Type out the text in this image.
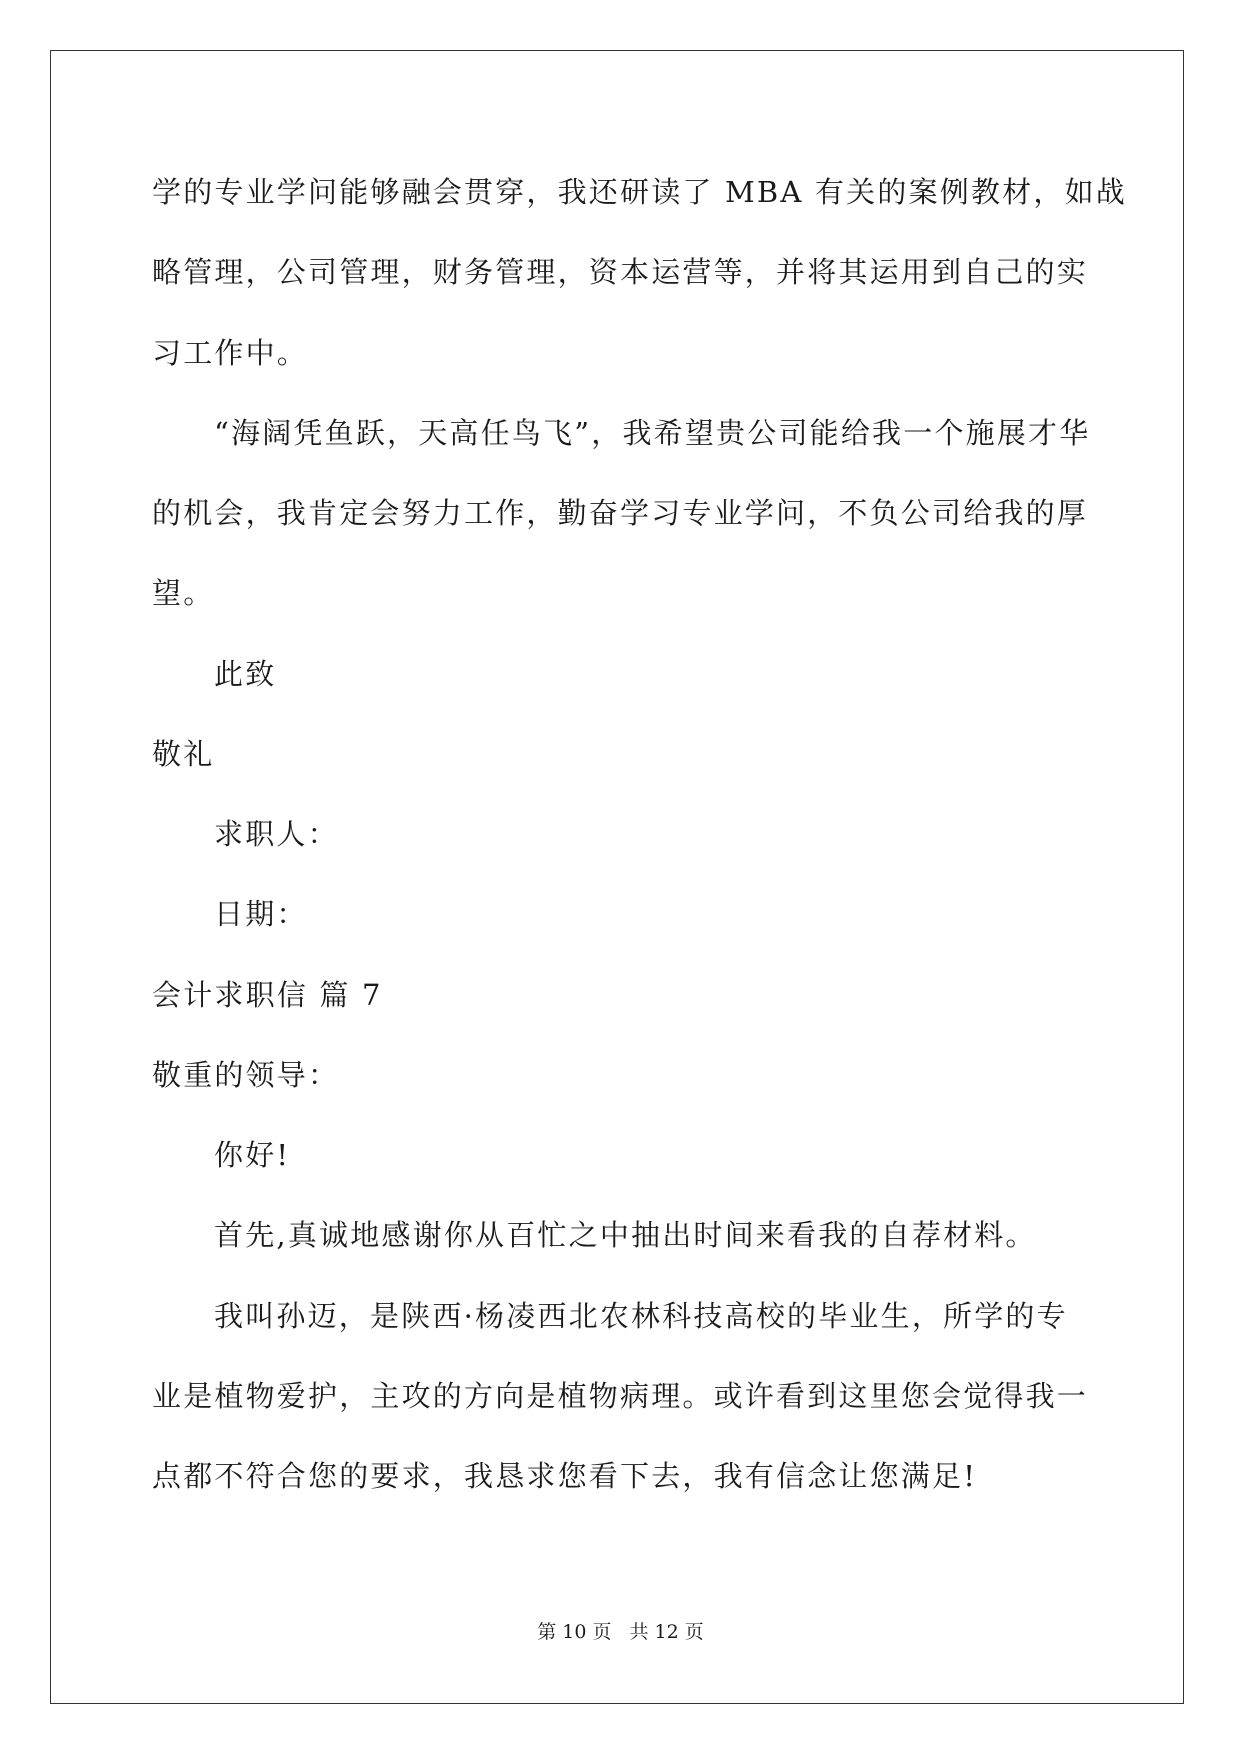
学的专业学问能够融会贯穿，我还研读了 MBA 有关的案例教材，如战
略管理，公司管理，财务管理，资本运营等，并将其运用到自己的实
习工作中。
“海阔凭鱼跃，天高任鸟飞”，我希望贵公司能给我一个施展才华
的机会，我肯定会努力工作，勤奋学习专业学问，不负公司给我的厚
望。
此致
敬礼
求职人：
日期：
会计求职信 篇 7
敬重的领导：
你好!
首先,真诚地感谢你从百忙之中抽出时间来看我的自荐材料。
我叫孙迈，是陕西·杨凌西北农林科技高校的毕业生，所学的专
业是植物爱护，主攻的方向是植物病理。或许看到这里您会觉得我一
点都不符合您的要求，我恳求您看下去，我有信念让您满足!
第 10 页 共 12 页
